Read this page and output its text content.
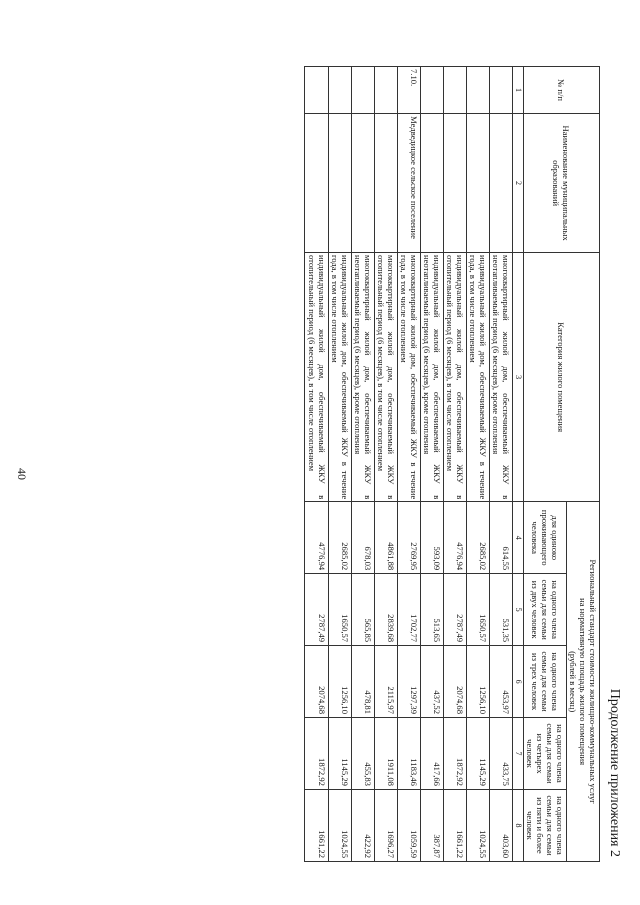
40
Продолжение приложения 2
№ п/п	Наименование муниципальных образований	Категория жилого помещения	Региональный стандарт стоимости жилищно-коммунальных услуг
на нормативную площадь жилого помещения
(рублей в месяц)				
			для одиноко проживающего человека	на одного члена семьи для семьи из двух человек	на одного члена семьи для семьи из трех человек	на одного члена семьи для семьи из четырех человек	на одного члена семьи для семьи из пяти и более человек
1	2	3	4	5	6	7	8
		многоквартирный жилой дом, обеспечиваемый ЖКУ в неотапливаемый период (6 месяцев), кроме отопления	614,55	531,35	453,97	433,75	403,60
		индивидуальный жилой дом, обеспечиваемый ЖКУ в течение года, в том числе отоплением	2685,02	1650,57	1256,10	1145,29	1024,55
		индивидуальный жилой дом, обеспечиваемый ЖКУ в отопительный период (6 месяцев), в том числе отоплением	4776,94	2787,49	2074,68	1872,92	1661,22
		индивидуальный жилой дом, обеспечиваемый ЖКУ в неотапливаемый период (6 месяцев), кроме отопления	593,09	513,65	437,52	417,66	387,87
7.10.	Медведицкое сельское поселение	многоквартирный жилой дом, обеспечиваемый ЖКУ в течение года, в том числе отоплением	2769,95	1702,77	1297,39	1183,46	1059,59
		многоквартирный жилой дом, обеспечиваемый ЖКУ в отопительный период (6 месяцев), в том числе отоплением	4861,88	2839,68	2115,97	1911,08	1696,27
		многоквартирный жилой дом, обеспечиваемый ЖКУ в неотапливаемый период (6 месяцев), кроме отопления	678,03	565,85	478,81	455,83	422,92
		индивидуальный жилой дом, обеспечиваемый ЖКУ в течение года, в том числе отоплением	2685,02	1650,57	1256,10	1145,29	1024,55
		индивидуальный жилой дом, обеспечиваемый ЖКУ в отопительный период (6 месяцев), в том числе отоплением	4776,94	2787,49	2074,68	1872,92	1661,22
